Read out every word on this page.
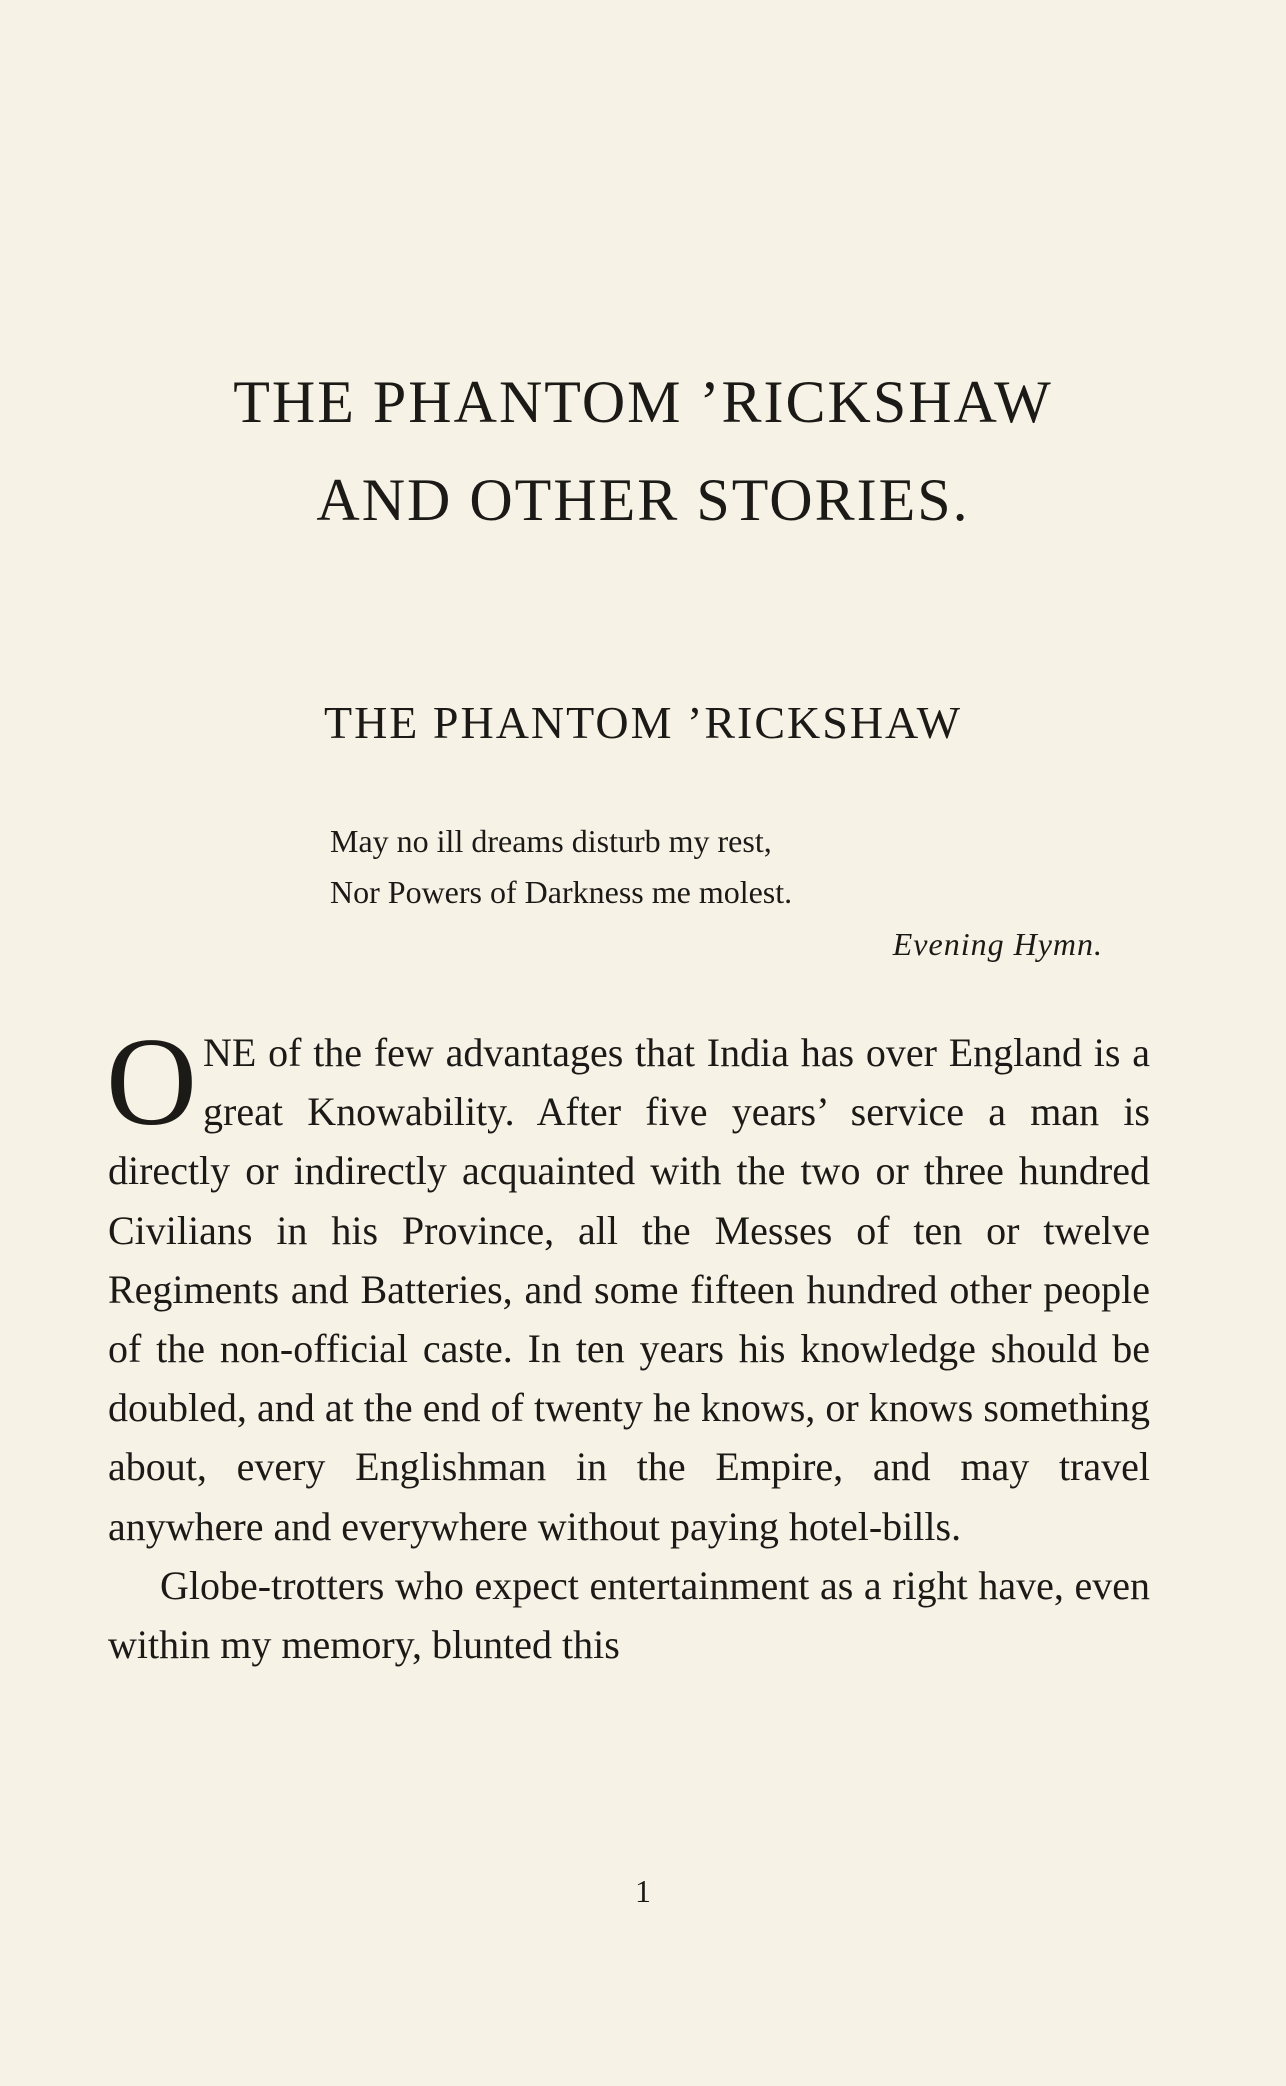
THE PHANTOM ’RICKSHAW
AND OTHER STORIES.
THE PHANTOM ’RICKSHAW
May no ill dreams disturb my rest,
Nor Powers of Darkness me molest.
Evening Hymn.

ONE of the few advantages that India has over England is a great Knowability. After five years’ service a man is directly or indirectly acquainted with the two or three hundred Civilians in his Province, all the Messes of ten or twelve Regiments and Batteries, and some fifteen hundred other people of the non-official caste. In ten years his knowledge should be doubled, and at the end of twenty he knows, or knows something about, every Englishman in the Empire, and may travel anywhere and everywhere without paying hotel-bills.

Globe-trotters who expect entertainment as a right have, even within my memory, blunted this

1
